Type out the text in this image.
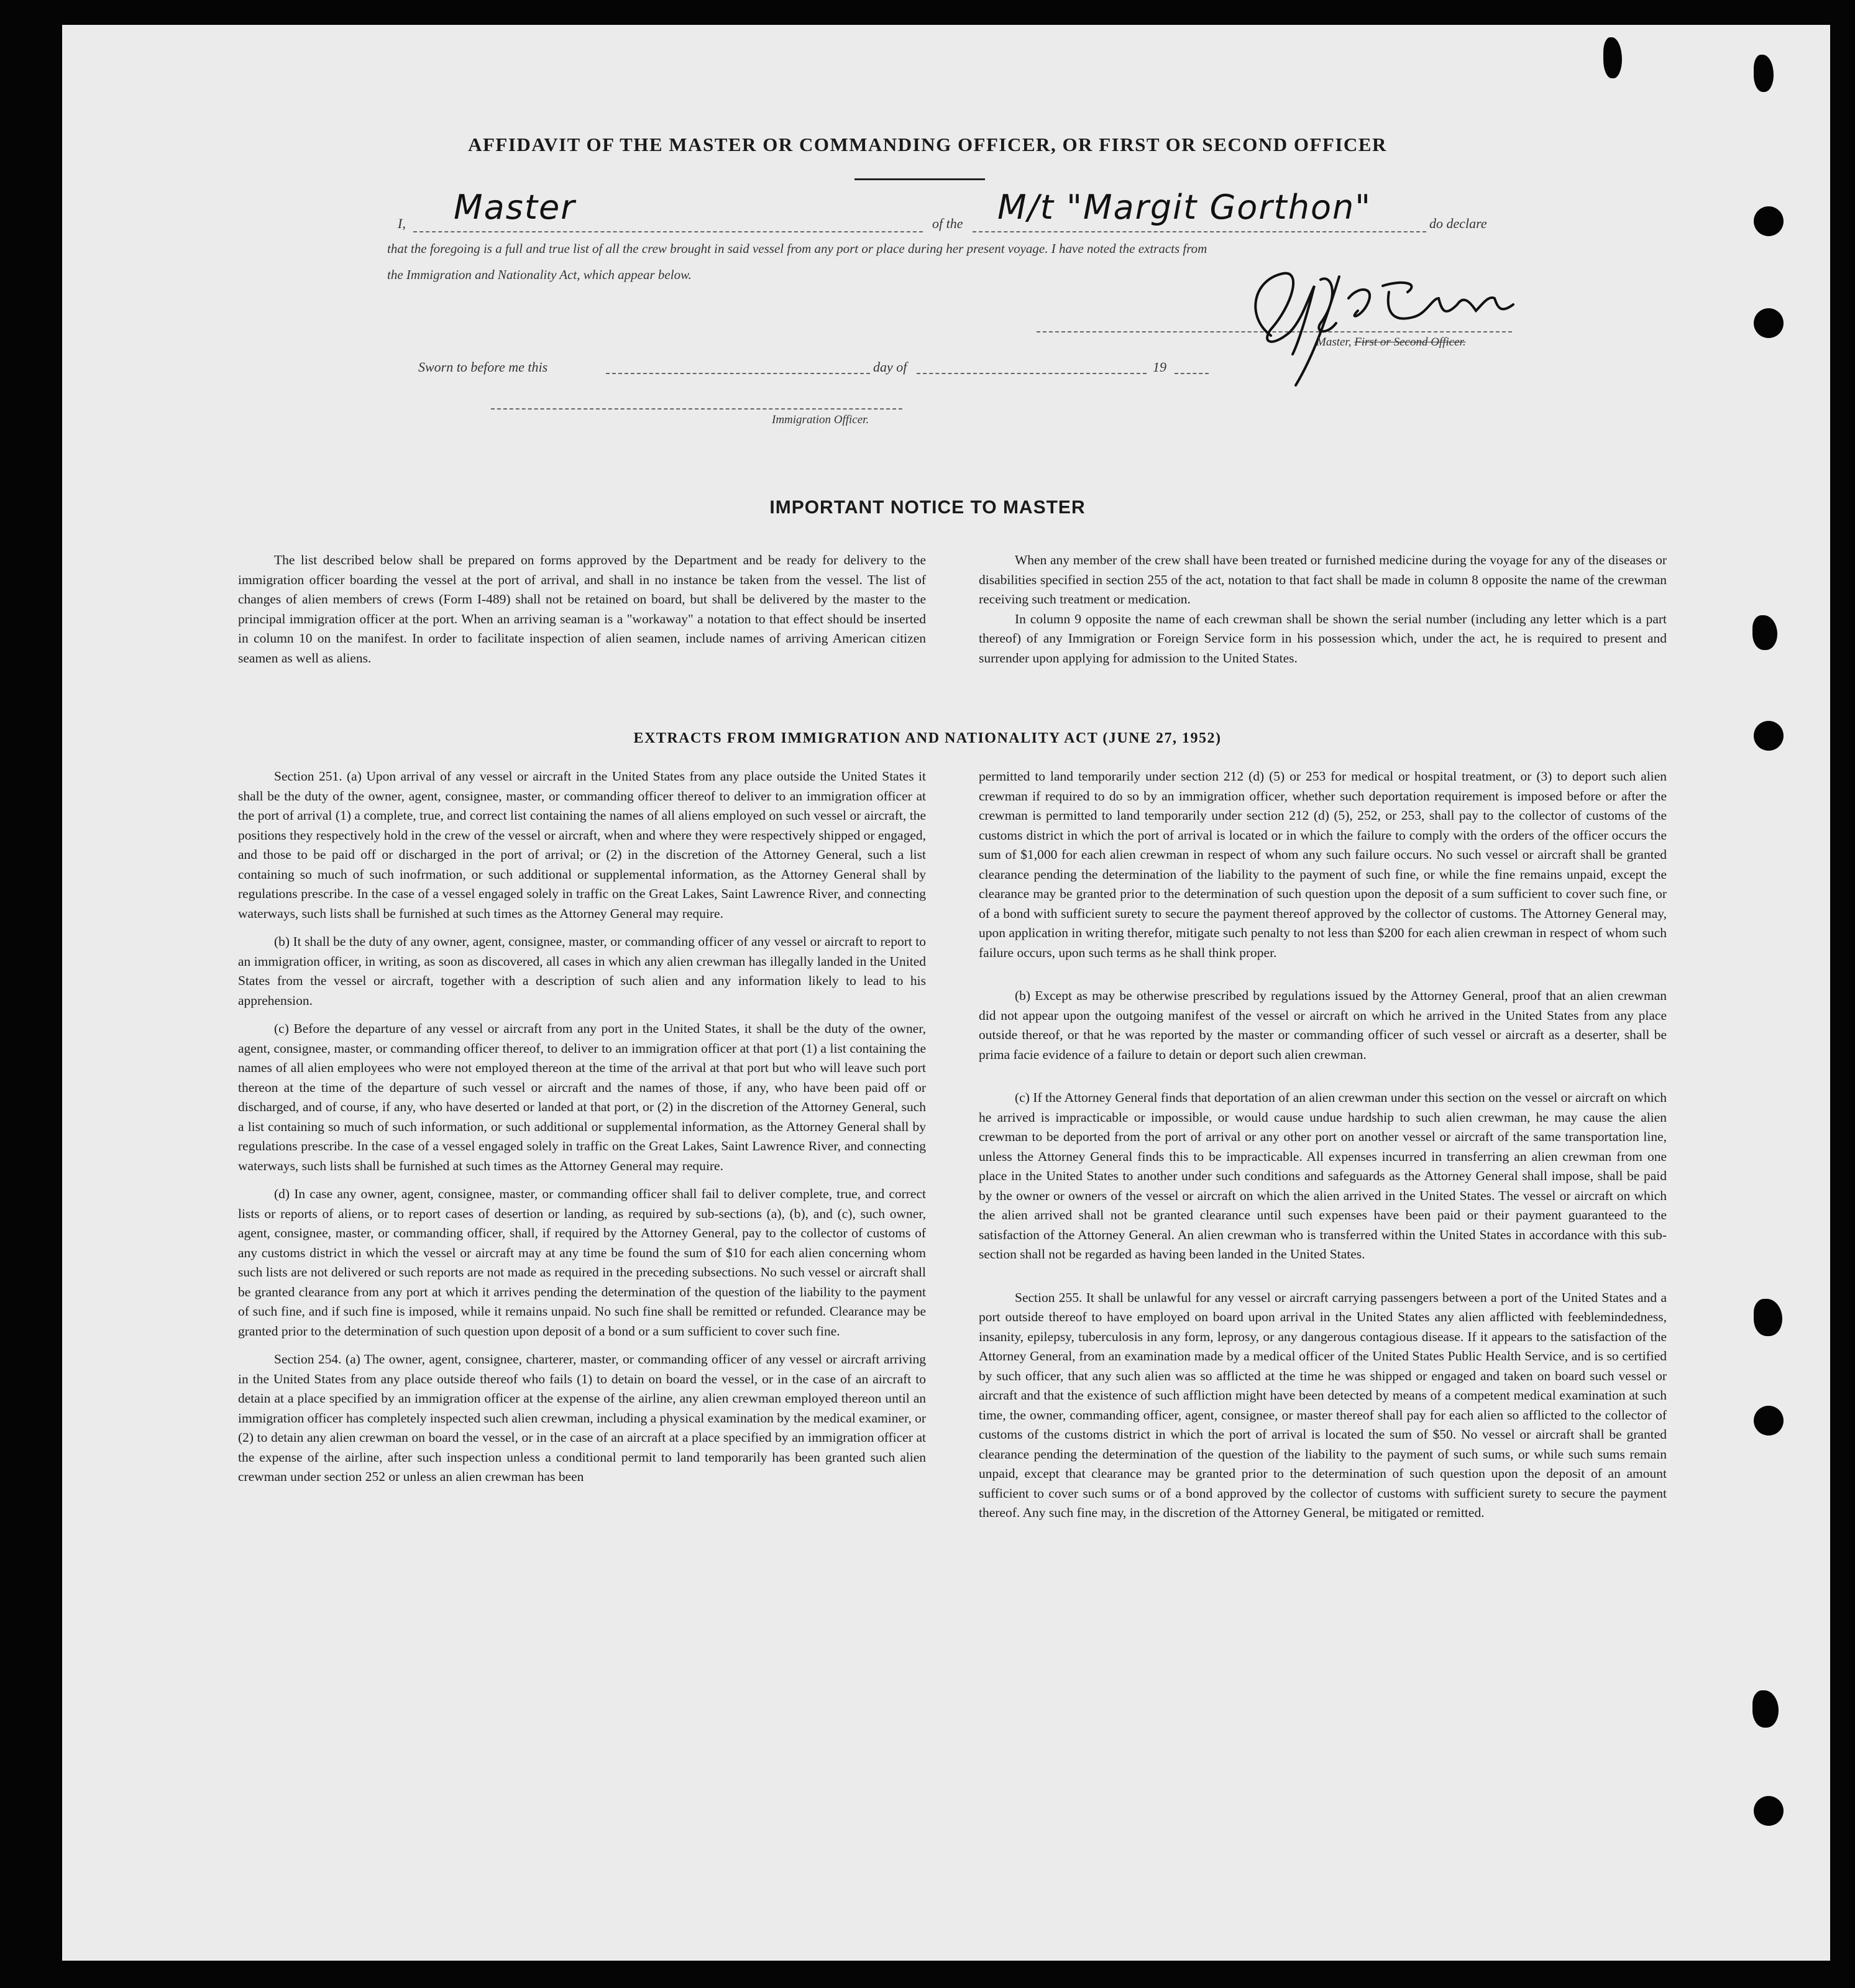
AFFIDAVIT OF THE MASTER OR COMMANDING OFFICER, OR FIRST OR SECOND OFFICER
I, Master	of the M/t "Margit Gorthon"	do declare
that the foregoing is a full and true list of all the crew brought in said vessel from any port or place during her present voyage. I have noted the extracts from
the Immigration and Nationality Act, which appear below.
Master, First or Second Officer.
Sworn to before me this	day of	19
Immigration Officer.
IMPORTANT NOTICE TO MASTER

The list described below shall be prepared on forms approved by the Department and be ready for delivery to the immigration officer boarding the vessel at the port of arrival, and shall in no instance be taken from the vessel. The list of changes of alien members of crews (Form I-489) shall not be retained on board, but shall be delivered by the master to the principal immigration officer at the port. When an arriving seaman is a "workaway" a notation to that effect should be inserted in column 10 on the manifest. In order to facilitate inspection of alien seamen, include names of arriving American citizen seamen as well as aliens.

When any member of the crew shall have been treated or furnished medicine during the voyage for any of the diseases or disabilities specified in section 255 of the act, notation to that fact shall be made in column 8 opposite the name of the crewman receiving such treatment or medication.

In column 9 opposite the name of each crewman shall be shown the serial number (including any letter which is a part thereof) of any Immigration or Foreign Service form in his possession which, under the act, he is required to present and surrender upon applying for admission to the United States.

EXTRACTS FROM IMMIGRATION AND NATIONALITY ACT (JUNE 27, 1952)

Section 251. (a) Upon arrival of any vessel or aircraft in the United States from any place outside the United States it shall be the duty of the owner, agent, consignee, master, or commanding officer thereof to deliver to an immigration officer at the port of arrival (1) a complete, true, and correct list containing the names of all aliens employed on such vessel or aircraft, the positions they respectively hold in the crew of the vessel or aircraft, when and where they were respectively shipped or engaged, and those to be paid off or discharged in the port of arrival; or (2) in the discretion of the Attorney General, such a list containing so much of such inofrmation, or such additional or supplemental information, as the Attorney General shall by regulations prescribe. In the case of a vessel engaged solely in traffic on the Great Lakes, Saint Lawrence River, and connecting waterways, such lists shall be furnished at such times as the Attorney General may require.

(b) It shall be the duty of any owner, agent, consignee, master, or commanding officer of any vessel or aircraft to report to an immigration officer, in writing, as soon as discovered, all cases in which any alien crewman has illegally landed in the United States from the vessel or aircraft, together with a description of such alien and any information likely to lead to his apprehension.

(c) Before the departure of any vessel or aircraft from any port in the United States, it shall be the duty of the owner, agent, consignee, master, or commanding officer thereof, to deliver to an immigration officer at that port (1) a list containing the names of all alien employees who were not employed thereon at the time of the arrival at that port but who will leave such port thereon at the time of the departure of such vessel or aircraft and the names of those, if any, who have been paid off or discharged, and of course, if any, who have deserted or landed at that port, or (2) in the discretion of the Attorney General, such a list containing so much of such information, or such additional or supplemental information, as the Attorney General shall by regulations prescribe. In the case of a vessel engaged solely in traffic on the Great Lakes, Saint Lawrence River, and connecting waterways, such lists shall be furnished at such times as the Attorney General may require.

(d) In case any owner, agent, consignee, master, or commanding officer shall fail to deliver complete, true, and correct lists or reports of aliens, or to report cases of desertion or landing, as required by sub-sections (a), (b), and (c), such owner, agent, consignee, master, or commanding officer, shall, if required by the Attorney General, pay to the collector of customs of any customs district in which the vessel or aircraft may at any time be found the sum of $10 for each alien concerning whom such lists are not delivered or such reports are not made as required in the preceding subsections. No such vessel or aircraft shall be granted clearance from any port at which it arrives pending the determination of the question of the liability to the payment of such fine, and if such fine is imposed, while it remains unpaid. No such fine shall be remitted or refunded. Clearance may be granted prior to the determination of such question upon deposit of a bond or a sum sufficient to cover such fine.

Section 254. (a) The owner, agent, consignee, charterer, master, or commanding officer of any vessel or aircraft arriving in the United States from any place outside thereof who fails (1) to detain on board the vessel, or in the case of an aircraft to detain at a place specified by an immigration officer at the expense of the airline, any alien crewman employed thereon until an immigration officer has completely inspected such alien crewman, including a physical examination by the medical examiner, or (2) to detain any alien crewman on board the vessel, or in the case of an aircraft at a place specified by an immigration officer at the expense of the airline, after such inspection unless a conditional permit to land temporarily has been granted such alien crewman under section 252 or unless an alien crewman has been

permitted to land temporarily under section 212 (d) (5) or 253 for medical or hospital treatment, or (3) to deport such alien crewman if required to do so by an immigration officer, whether such deportation requirement is imposed before or after the crewman is permitted to land temporarily under section 212 (d) (5), 252, or 253, shall pay to the collector of customs of the customs district in which the port of arrival is located or in which the failure to comply with the orders of the officer occurs the sum of $1,000 for each alien crewman in respect of whom any such failure occurs. No such vessel or aircraft shall be granted clearance pending the determination of the liability to the payment of such fine, or while the fine remains unpaid, except the clearance may be granted prior to the determination of such question upon the deposit of a sum sufficient to cover such fine, or of a bond with sufficient surety to secure the payment thereof approved by the collector of customs. The Attorney General may, upon application in writing therefor, mitigate such penalty to not less than $200 for each alien crewman in respect of whom such failure occurs, upon such terms as he shall think proper.

(b) Except as may be otherwise prescribed by regulations issued by the Attorney General, proof that an alien crewman did not appear upon the outgoing manifest of the vessel or aircraft on which he arrived in the United States from any place outside thereof, or that he was reported by the master or commanding officer of such vessel or aircraft as a deserter, shall be prima facie evidence of a failure to detain or deport such alien crewman.

(c) If the Attorney General finds that deportation of an alien crewman under this section on the vessel or aircraft on which he arrived is impracticable or impossible, or would cause undue hardship to such alien crewman, he may cause the alien crewman to be deported from the port of arrival or any other port on another vessel or aircraft of the same transportation line, unless the Attorney General finds this to be impracticable. All expenses incurred in transferring an alien crewman from one place in the United States to another under such conditions and safeguards as the Attorney General shall impose, shall be paid by the owner or owners of the vessel or aircraft on which the alien arrived in the United States. The vessel or aircraft on which the alien arrived shall not be granted clearance until such expenses have been paid or their payment guaranteed to the satisfaction of the Attorney General. An alien crewman who is transferred within the United States in accordance with this sub-section shall not be regarded as having been landed in the United States.

Section 255. It shall be unlawful for any vessel or aircraft carrying passengers between a port of the United States and a port outside thereof to have employed on board upon arrival in the United States any alien afflicted with feeblemindedness, insanity, epilepsy, tuberculosis in any form, leprosy, or any dangerous contagious disease. If it appears to the satisfaction of the Attorney General, from an examination made by a medical officer of the United States Public Health Service, and is so certified by such officer, that any such alien was so afflicted at the time he was shipped or engaged and taken on board such vessel or aircraft and that the existence of such affliction might have been detected by means of a competent medical examination at such time, the owner, commanding officer, agent, consignee, or master thereof shall pay for each alien so afflicted to the collector of customs of the customs district in which the port of arrival is located the sum of $50. No vessel or aircraft shall be granted clearance pending the determination of the question of the liability to the payment of such sums, or while such sums remain unpaid, except that clearance may be granted prior to the determination of such question upon the deposit of an amount sufficient to cover such sums or of a bond approved by the collector of customs with sufficient surety to secure the payment thereof. Any such fine may, in the discretion of the Attorney General, be mitigated or remitted.
